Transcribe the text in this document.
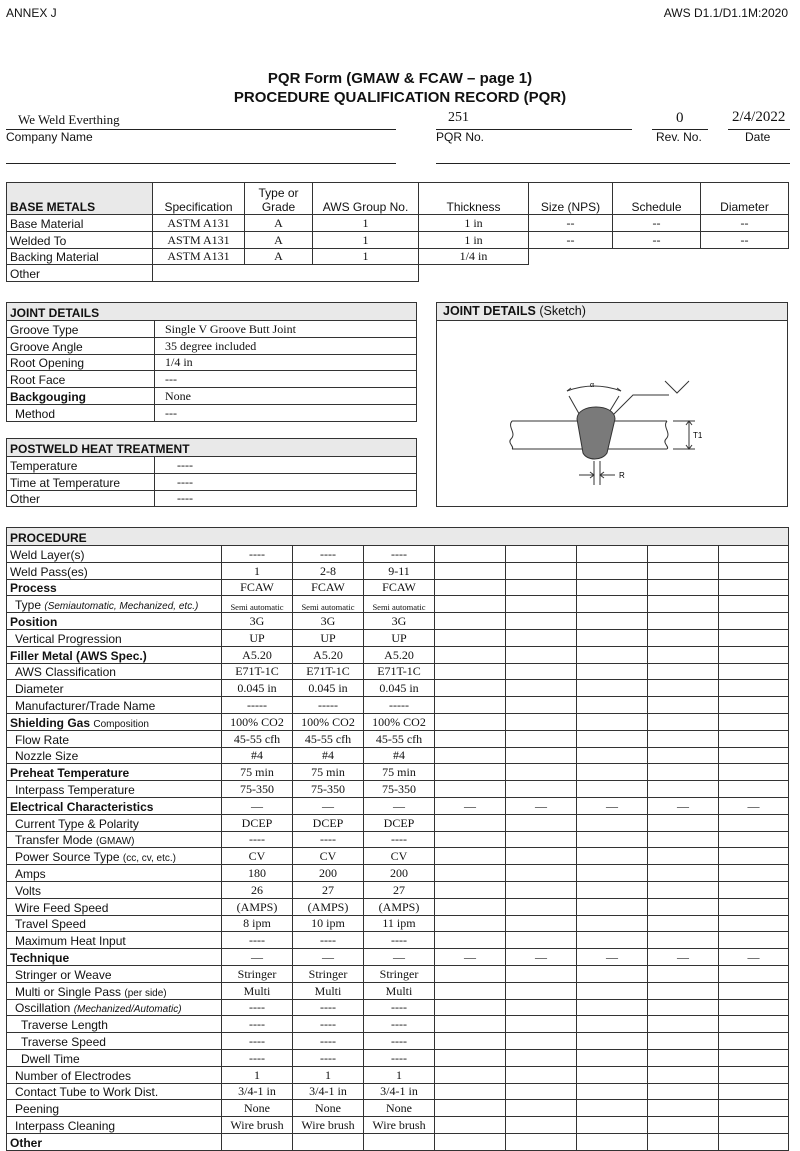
ANNEX J	AWS D1.1/D1.1M:2020
PQR Form (GMAW & FCAW – page 1)
PROCEDURE QUALIFICATION RECORD (PQR)
We Weld Everthing
Company Name
251
PQR No.
0
Rev. No.
2/4/2022
Date
BASE METALS	Specification	Type or Grade	AWS Group No.	Thickness	Size (NPS)	Schedule	Diameter
Base Material	ASTM A131	A	1	1 in	--	--	--
Welded To	ASTM A131	A	1	1 in	--	--	--
Backing Material	ASTM A131	A	1	1/4 in			
Other							
JOINT DETAILS	
Groove Type	Single V Groove Butt Joint
Groove Angle	35 degree included
Root Opening	1/4 in
Root Face	---
Backgouging	None
Method	---
JOINT DETAILS (Sketch)
α
T1
R
POSTWELD HEAT TREATMENT	
Temperature	----
Time at Temperature	----
Other	----
PROCEDURE								
Weld Layer(s)	----	----	----					
Weld Pass(es)	1	2-8	9-11					
Process	FCAW	FCAW	FCAW					
Type (Semiautomatic, Mechanized, etc.)	Semi automatic	Semi automatic	Semi automatic					
Position	3G	3G	3G					
Vertical Progression	UP	UP	UP					
Filler Metal (AWS Spec.)	A5.20	A5.20	A5.20					
AWS Classification	E71T-1C	E71T-1C	E71T-1C					
Diameter	0.045 in	0.045 in	0.045 in					
Manufacturer/Trade Name	-----	-----	-----					
Shielding Gas Composition	100% CO2	100% CO2	100% CO2					
Flow Rate	45-55 cfh	45-55 cfh	45-55 cfh					
Nozzle Size	#4	#4	#4					
Preheat Temperature	75 min	75 min	75 min					
Interpass Temperature	75-350	75-350	75-350					
Electrical Characteristics	—	—	—	—	—	—	—	—
Current Type & Polarity	DCEP	DCEP	DCEP					
Transfer Mode (GMAW)	----	----	----					
Power Source Type (cc, cv, etc.)	CV	CV	CV					
Amps	180	200	200					
Volts	26	27	27					
Wire Feed Speed	(AMPS)	(AMPS)	(AMPS)					
Travel Speed	8 ipm	10 ipm	11 ipm					
Maximum Heat Input	----	----	----					
Technique	—	—	—	—	—	—	—	—
Stringer or Weave	Stringer	Stringer	Stringer					
Multi or Single Pass (per side)	Multi	Multi	Multi					
Oscillation (Mechanized/Automatic)	----	----	----					
Traverse Length	----	----	----					
Traverse Speed	----	----	----					
Dwell Time	----	----	----					
Number of Electrodes	1	1	1					
Contact Tube to Work Dist.	3/4-1 in	3/4-1 in	3/4-1 in					
Peening	None	None	None					
Interpass Cleaning	Wire brush	Wire brush	Wire brush					
Other								
